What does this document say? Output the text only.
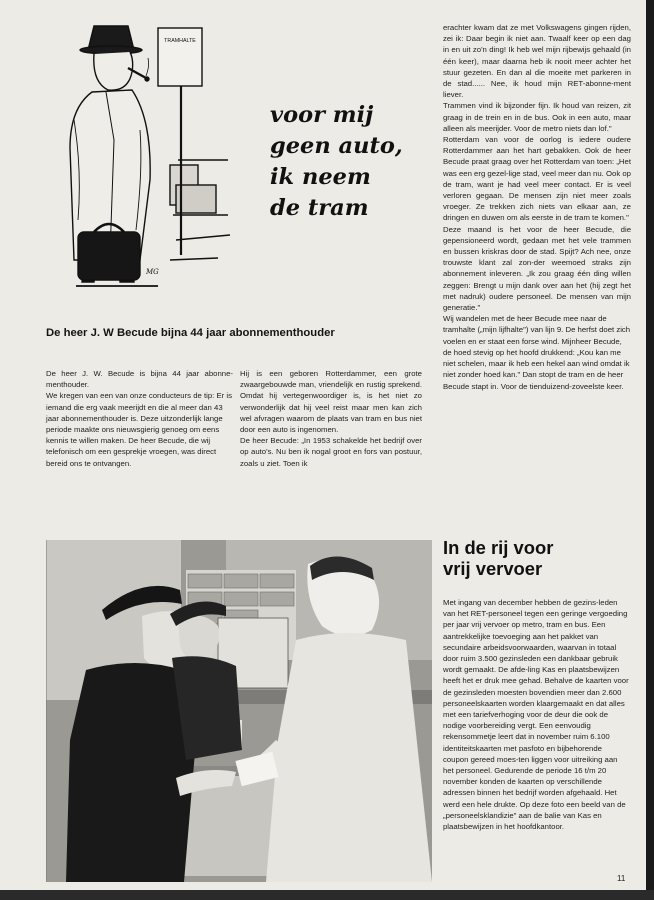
TRAMHALTE
MG
voor mij
geen auto,
ik neem
de tram
De heer J. W Becude bijna 44 jaar abonnementhouder

De heer J. W. Becude is bijna 44 jaar abonne-menthouder.

We kregen van een van onze conducteurs de tip: Er is iemand die erg vaak meerijdt en die al meer dan 43 jaar abonnementhouder is. Deze uitzonderlijk lange periode maakte ons nieuwsgierig genoeg om eens kennis te willen maken. De heer Becude, die wij telefonisch om een gesprekje vroegen, was direct bereid ons te ontvangen.

Hij is een geboren Rotterdammer, een grote zwaargebouwde man, vriendelijk en rustig sprekend. Omdat hij vertegenwoordiger is, is het niet zo verwonderlijk dat hij veel reist maar men kan zich wel afvragen waarom de plaats van tram en bus niet door een auto is ingenomen.

De heer Becude: „In 1953 schakelde het bedrijf over op auto's. Nu ben ik nogal groot en fors van postuur, zoals u ziet. Toen ik

erachter kwam dat ze met Volkswagens gingen rijden, zei ik: Daar begin ik niet aan. Twaalf keer op een dag in en uit zo'n ding! Ik heb wel mijn rijbewijs gehaald (in één keer), maar daarna heb ik nooit meer achter het stuur gezeten. En dan al die moeite met parkeren in de stad...... Nee, ik houd mijn RET-abonne-ment liever.

Trammen vind ik bijzonder fijn. Ik houd van reizen, zit graag in de trein en in de bus. Ook in een auto, maar alleen als meerijder. Voor de metro niets dan lof."

Rotterdam van voor de oorlog is iedere oudere Rotterdammer aan het hart gebakken. Ook de heer Becude praat graag over het Rotterdam van toen: „Het was een erg gezel-lige stad, veel meer dan nu. Ook op de tram, want je had veel meer contact. Er is veel verloren gegaan. De mensen zijn niet meer zoals vroeger. Ze trekken zich niets van elkaar aan, ze dringen en duwen om als eerste in de tram te komen."

Deze maand is het voor de heer Becude, die gepensioneerd wordt, gedaan met het vele trammen en bussen kriskras door de stad. Spijt? Ach nee, onze trouwste klant zal zon-der weemoed straks zijn abonnement inleveren. „Ik zou graag één ding willen zeggen: Brengt u mijn dank over aan het (hij zegt het met nadruk) oudere personeel. De mensen van mijn generatie."

Wij wandelen met de heer Becude mee naar de tramhalte („mijn lijfhalte") van lijn 9. De herfst doet zich voelen en er staat een forse wind. Mijnheer Becude, de hoed stevig op het hoofd drukkend: „Kou kan me niet schelen, maar ik heb een hekel aan wind omdat ik niet zonder hoed kan." Dan stopt de tram en de heer Becude stapt in. Voor de tienduizend-zoveelste keer.

In de rij voor
vrij vervoer

Met ingang van december hebben de gezins-leden van het RET-personeel tegen een geringe vergoeding per jaar vrij vervoer op metro, tram en bus. Een aantrekkelijke toevoeging aan het pakket van secundaire arbeidsvoorwaarden, waarvan in totaal door ruim 3.500 gezinsleden een dankbaar gebruik wordt gemaakt. De afde-ling Kas en plaatsbewijzen heeft het er druk mee gehad. Behalve de kaarten voor de gezinsleden moesten bovendien meer dan 2.600 personeelskaarten worden klaargemaakt en dat alles met een tariefverhoging voor de deur die ook de nodige voorbereiding vergt. Een eenvoudig rekensommetje leert dat in november ruim 6.100 identiteitskaarten met pasfoto en bijbehorende coupon gereed moes-ten liggen voor uitreiking aan het personeel. Gedurende de periode 16 t/m 20 november konden de kaarten op verschillende adressen binnen het bedrijf worden afgehaald. Het werd een hele drukte. Op deze foto een beeld van de „personeelsklandizie" aan de balie van Kas en plaatsbewijzen in het hoofdkantoor.

11
